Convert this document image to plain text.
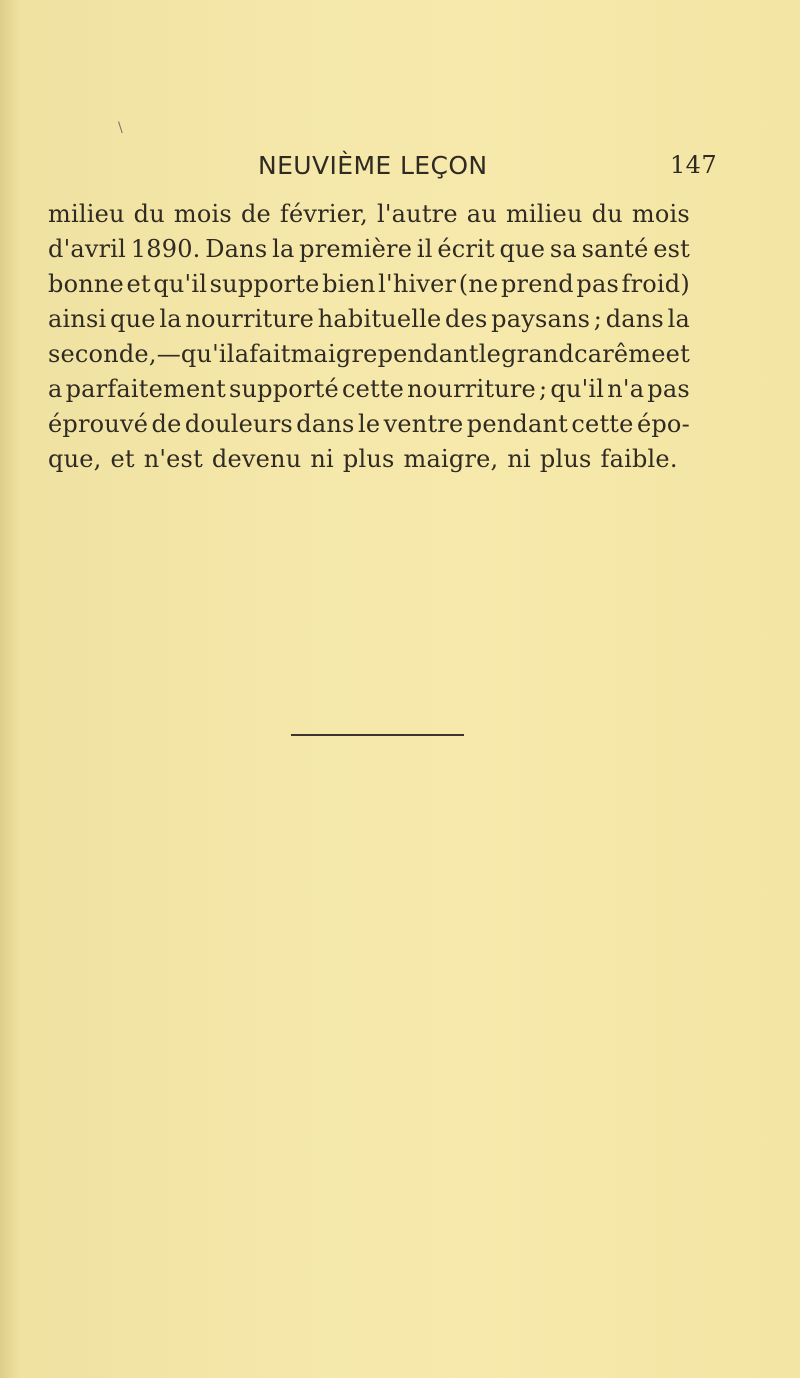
\
NEUVIÈME LEÇON	147
milieu du mois de février, l'autre au milieu du mois
d'avril 1890. Dans la première il écrit que sa santé est
bonne et qu'il supporte bien l'hiver (ne prend pas froid)
ainsi que la nourriture habituelle des paysans ; dans la
seconde, — qu'il a fait maigre pendant le grand carême et
a parfaitement supporté cette nourriture ; qu'il n'a pas
éprouvé de douleurs dans le ventre pendant cette épo-
que, et n'est devenu ni plus maigre, ni plus faible.
